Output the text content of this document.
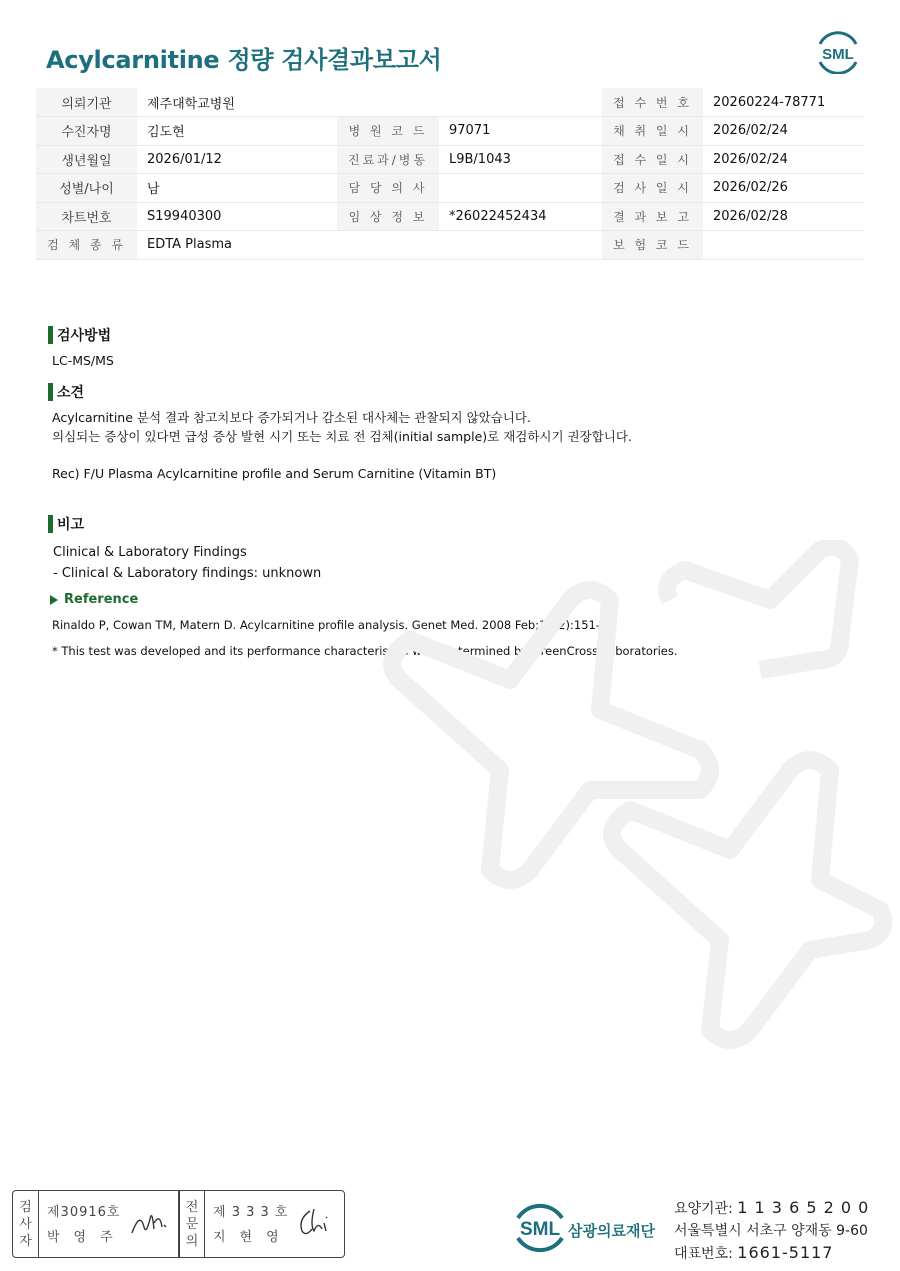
Acylcarnitine 정량 검사결과보고서	SML
의뢰기관	제주대학교병원			접 수 번 호	20260224-78771
수진자명	김도현	병 원 코 드	97071	채 취 일 시	2026/02/24
생년월일	2026/01/12	진료과/병동	L9B/1043	접 수 일 시	2026/02/24
성별/나이	남	담 당 의 사		검 사 일 시	2026/02/26
차트번호	S19940300	임 상 정 보	*26022452434	결 과 보 고	2026/02/28
검 체 종 류	EDTA Plasma			보 험 코 드	
검사방법
LC-MS/MS
소견
Acylcarnitine 분석 결과 참고치보다 증가되거나 감소된 대사체는 관찰되지 않았습니다.
의심되는 증상이 있다면 급성 증상 발현 시기 또는 치료 전 검체(initial sample)로 재검하시기 권장합니다.
Rec) F/U Plasma Acylcarnitine profile and Serum Carnitine (Vitamin BT)
비고
Clinical & Laboratory Findings
- Clinical & Laboratory findings: unknown
Reference
Rinaldo P, Cowan TM, Matern D. Acylcarnitine profile analysis. Genet Med. 2008 Feb;10(2):151-6.
* This test was developed and its performance characteristics were determined by GreenCross Laboratories.
검
사
자
제30916호
박영주
전
문
의
제 3 3 3 호
지현영	SML 삼광의료재단
요양기관: 1 1 3 6 5 2 0 0
서울특별시 서초구 양재동 9-60
대표번호: 1661-5117
